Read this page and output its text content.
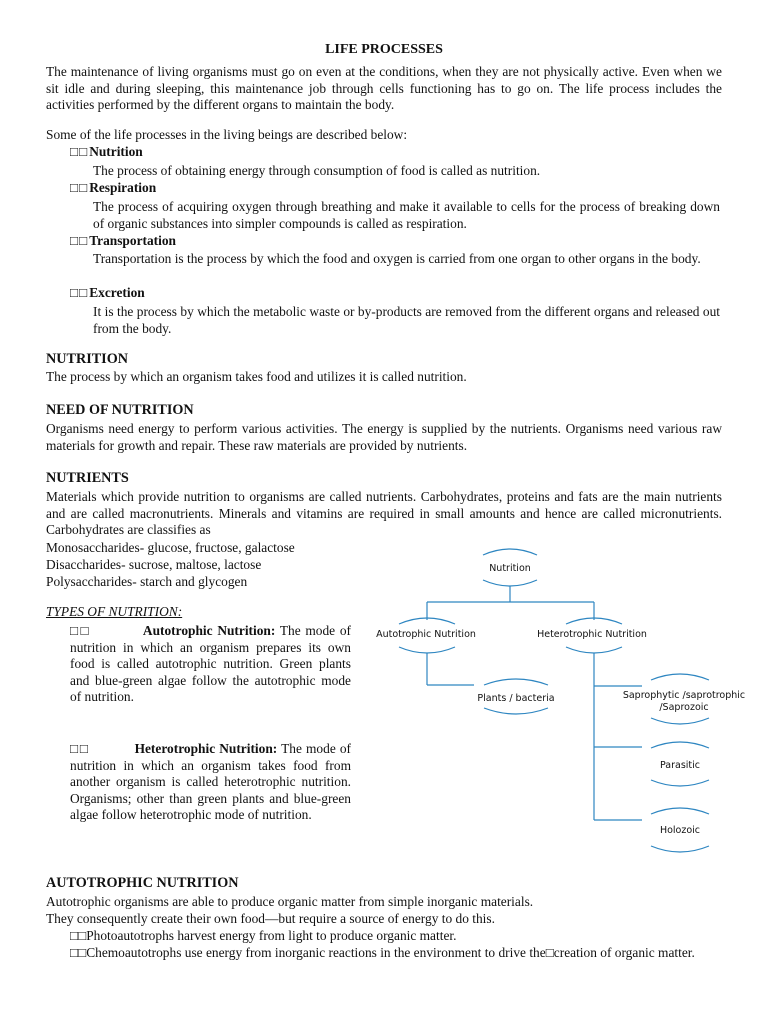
LIFE PROCESSES
The maintenance of living organisms must go on even at the conditions, when they are not physically active. Even when we sit idle and during sleeping, this maintenance job through cells functioning has to go on. The life process includes the activities performed by the different organs to maintain the body.
Some of the life processes in the living beings are described below:
□□Nutrition
The process of obtaining energy through consumption of food is called as nutrition.
□□Respiration
The process of acquiring oxygen through breathing and make it available to cells for the process of breaking down of organic substances into simpler compounds is called as respiration.
□□Transportation
Transportation is the process by which the food and oxygen is carried from one organ to other organs in the body.
□□Excretion
It is the process by which the metabolic waste or by-products are removed from the different organs and released out from the body.
NUTRITION
The process by which an organism takes food and utilizes it is called nutrition.
NEED OF NUTRITION
Organisms need energy to perform various activities. The energy is supplied by the nutrients. Organisms need various raw materials for growth and repair. These raw materials are provided by nutrients.
NUTRIENTS
Materials which provide nutrition to organisms are called nutrients. Carbohydrates, proteins and fats are the main nutrients and are called macronutrients. Minerals and vitamins are required in small amounts and hence are called micronutrients. Carbohydrates are classifies as
Monosaccharides- glucose, fructose, galactose
Disaccharides- sucrose, maltose, lactose
Polysaccharides- starch and glycogen
TYPES OF NUTRITION:
□□	Autotrophic Nutrition: The mode of nutrition in which an organism prepares its own food is called autotrophic nutrition. Green plants and blue-green algae follow the autotrophic mode of nutrition.
□□	Heterotrophic Nutrition: The mode of nutrition in which an organism takes food from another organism is called heterotrophic nutrition. Organisms; other than green plants and blue-green algae follow heterotrophic mode of nutrition.
Nutrition
Autotrophic Nutrition	Heterotrophic Nutrition
Plants / bacteria	Saprophytic /saprotrophic
/Saprozoic
Parasitic
Holozoic
AUTOTROPHIC NUTRITION
Autotrophic organisms are able to produce organic matter from simple inorganic materials.
They consequently create their own food—but require a source of energy to do this.
□□Photoautotrophs harvest energy from light to produce organic matter.
□□Chemoautotrophs use energy from inorganic reactions in the environment to drive the□creation of organic matter.
